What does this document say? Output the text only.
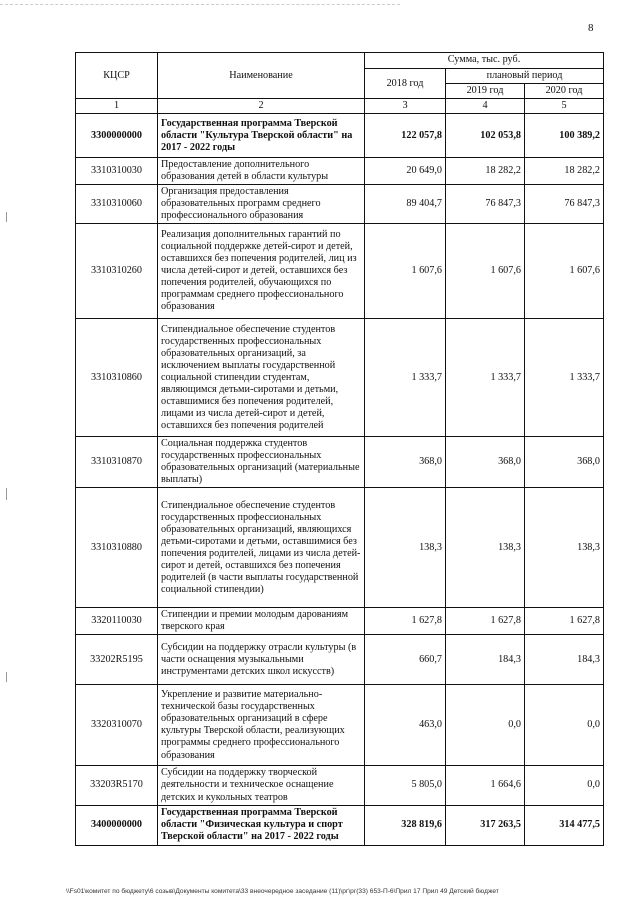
8
КЦСР	Наименование	Сумма, тыс. руб.		
		2018 год	плановый период	
			2019 год	2020 год
1	2	3	4	5
3300000000	Государственная программа Тверской области "Культура Тверской области" на 2017 - 2022 годы	122 057,8	102 053,8	100 389,2
3310310030	Предоставление дополнительного образования детей в области культуры	20 649,0	18 282,2	18 282,2
3310310060	Организация предоставления образовательных программ среднего профессионального образования	89 404,7	76 847,3	76 847,3
3310310260	Реализация дополнительных гарантий по социальной поддержке детей-сирот и детей, оставшихся без попечения родителей, лиц из числа детей-сирот и детей, оставшихся без попечения родителей, обучающихся по программам среднего профессионального образования	1 607,6	1 607,6	1 607,6
3310310860	Стипендиальное обеспечение студентов государственных профессиональных образовательных организаций, за исключением выплаты государственной социальной стипендии студентам, являющимся детьми-сиротами и детьми, оставшимися без попечения родителей, лицами из числа детей-сирот и детей, оставшихся без попечения родителей	1 333,7	1 333,7	1 333,7
3310310870	Социальная поддержка студентов государственных профессиональных образовательных организаций (материальные выплаты)	368,0	368,0	368,0
3310310880	Стипендиальное обеспечение студентов государственных профессиональных образовательных организаций, являющихся детьми-сиротами и детьми, оставшимися без попечения родителей, лицами из числа детей-сирот и детей, оставшихся без попечения родителей (в части выплаты государственной социальной стипендии)	138,3	138,3	138,3
3320110030	Стипендии и премии молодым дарованиям тверского края	1 627,8	1 627,8	1 627,8
33202R5195	Субсидии на поддержку отрасли культуры (в части оснащения музыкальными инструментами детских школ искусств)	660,7	184,3	184,3
3320310070	Укрепление и развитие материально-технической базы государственных образовательных организаций в сфере культуры Тверской области, реализующих программы среднего профессионального образования	463,0	0,0	0,0
33203R5170	Субсидии на поддержку творческой деятельности и техническое оснащение детских и кукольных театров	5 805,0	1 664,6	0,0
3400000000	Государственная программа Тверской области "Физическая культура и спорт Тверской области" на 2017 - 2022 годы	328 819,6	317 263,5	314 477,5
\\Fs01\комитет по бюджету\6 созыв\Документы комитета\33 внеочередное заседание (11)\рг\рг(33) 653-П-6\Прил 17 Прил 49 Детский бюджет
